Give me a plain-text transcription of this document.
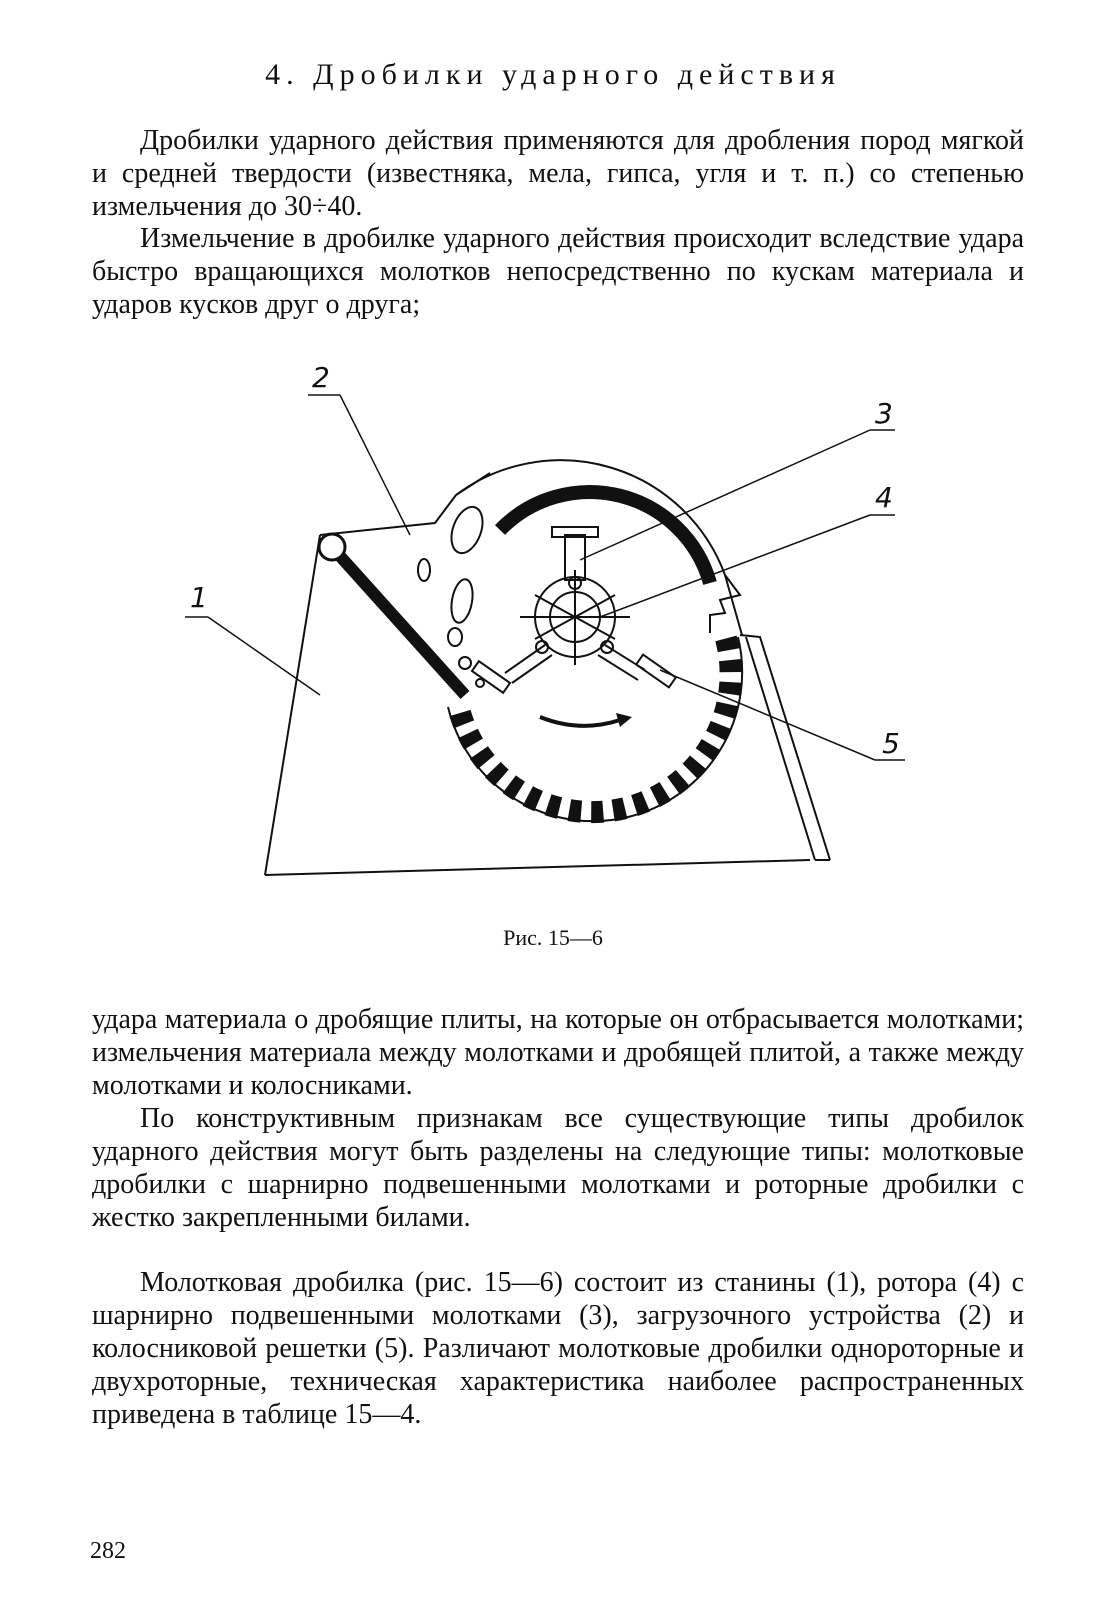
4. Дробилки ударного действия

Дробилки ударного действия применяются для дробления пород мягкой и средней твердости (известняка, мела, гипса, угля и т. п.) со степенью измельчения до 30÷40.

Измельчение в дробилке ударного действия происходит вследствие удара быстро вращающихся молотков непосредственно по кускам материала и ударов кусков друг о друга;

1
2
3
4
5
Рис. 15—6

удара материала о дробящие плиты, на которые он отбрасывается молотками; измельчения материала между молотками и дробящей плитой, а также между молотками и колосниками.

По конструктивным признакам все существующие типы дробилок ударного действия могут быть разделены на следующие типы: молотковые дробилки с шарнирно подвешенными молотками и роторные дробилки с жестко закрепленными билами.

Молотковая дробилка (рис. 15—6) состоит из станины (1), ротора (4) с шарнирно подвешенными молотками (3), загрузочного устройства (2) и колосниковой решетки (5). Различают молотковые дробилки однороторные и двухроторные, техническая характеристика наиболее распространенных приведена в таблице 15—4.

282
